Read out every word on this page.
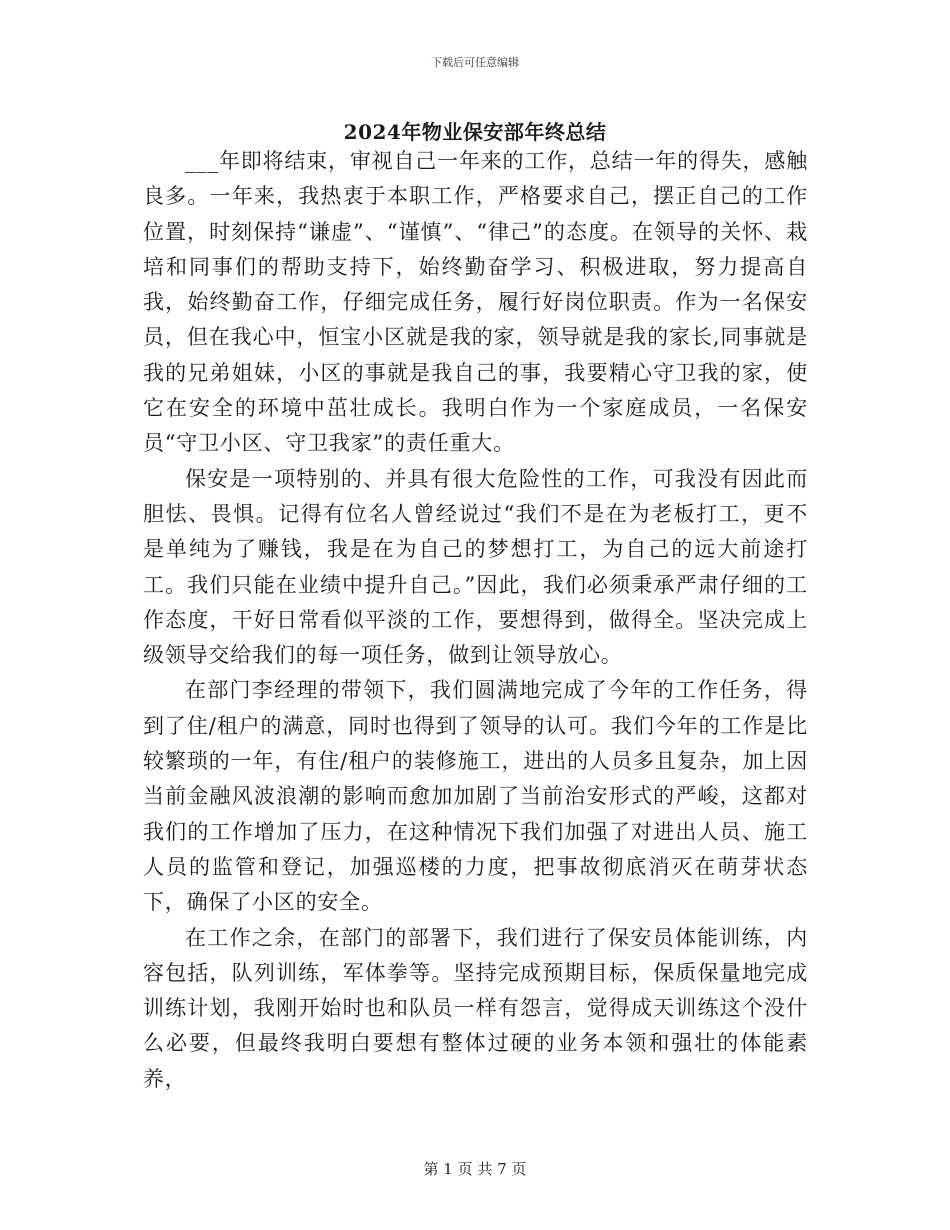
下载后可任意编辑
2024年物业保安部年终总结

___年即将结束，审视自己一年来的工作，总结一年的得失，感触良多。一年来，我热衷于本职工作，严格要求自己，摆正自己的工作位置，时刻保持“谦虚”、“谨慎”、“律己”的态度。在领导的关怀、栽培和同事们的帮助支持下，始终勤奋学习、积极进取，努力提高自我，始终勤奋工作，仔细完成任务，履行好岗位职责。作为一名保安员，但在我心中，恒宝小区就是我的家，领导就是我的家长,同事就是我的兄弟姐妹，小区的事就是我自己的事，我要精心守卫我的家，使它在安全的环境中茁壮成长。我明白作为一个家庭成员，一名保安员“守卫小区、守卫我家”的责任重大。

保安是一项特别的、并具有很大危险性的工作，可我没有因此而胆怯、畏惧。记得有位名人曾经说过“我们不是在为老板打工，更不是单纯为了赚钱，我是在为自己的梦想打工，为自己的远大前途打工。我们只能在业绩中提升自己。”因此，我们必须秉承严肃仔细的工作态度，干好日常看似平淡的工作，要想得到，做得全。坚决完成上级领导交给我们的每一项任务，做到让领导放心。

在部门李经理的带领下，我们圆满地完成了今年的工作任务，得到了住/租户的满意，同时也得到了领导的认可。我们今年的工作是比较繁琐的一年，有住/租户的装修施工，进出的人员多且复杂，加上因当前金融风波浪潮的影响而愈加加剧了当前治安形式的严峻，这都对我们的工作增加了压力，在这种情况下我们加强了对进出人员、施工人员的监管和登记，加强巡楼的力度，把事故彻底消灭在萌芽状态下，确保了小区的安全。

在工作之余，在部门的部署下，我们进行了保安员体能训练，内容包括，队列训练，军体拳等。坚持完成预期目标，保质保量地完成训练计划，我刚开始时也和队员一样有怨言，觉得成天训练这个没什么必要，但最终我明白要想有整体过硬的业务本领和强壮的体能素养，

第 1 页 共 7 页
